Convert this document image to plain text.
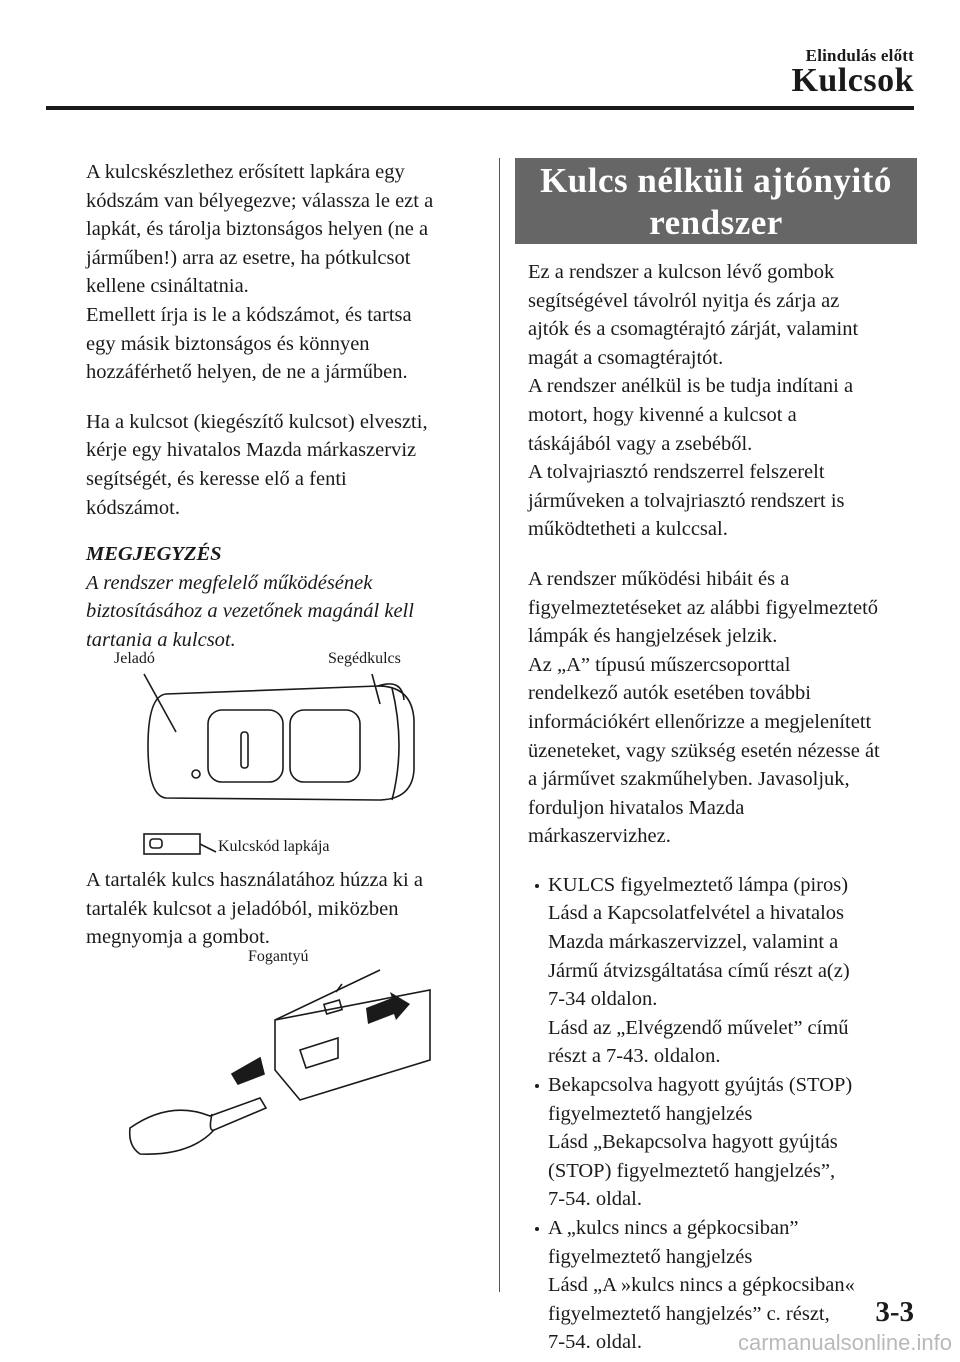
Elindulás előtt
Kulcsok

A kulcskészlethez erősített lapkára egy
kódszám van bélyegezve; válassza le ezt a
lapkát, és tárolja biztonságos helyen (ne a
járműben!) arra az esetre, ha pótkulcsot
kellene csináltatnia.

Emellett írja is le a kódszámot, és tartsa
egy másik biztonságos és könnyen
hozzáférhető helyen, de ne a járműben.

Ha a kulcsot (kiegészítő kulcsot) elveszti,
kérje egy hivatalos Mazda márkaszerviz
segítségét, és keresse elő a fenti
kódszámot.

MEGJEGYZÉS

A rendszer megfelelő működésének
biztosításához a vezetőnek magánál kell
tartania a kulcsot.

Jeladó	Segédkulcs
Kulcskód lapkája

A tartalék kulcs használatához húzza ki a
tartalék kulcsot a jeladóból, miközben
megnyomja a gombot.

Fogantyú
Kulcs nélküli ajtónyitó
rendszer

Ez a rendszer a kulcson lévő gombok
segítségével távolról nyitja és zárja az
ajtók és a csomagtérajtó zárját, valamint
magát a csomagtérajtót.

A rendszer anélkül is be tudja indítani a
motort, hogy kivenné a kulcsot a
táskájából vagy a zsebéből.

A tolvajriasztó rendszerrel felszerelt
járműveken a tolvajriasztó rendszert is
működtetheti a kulccsal.

A rendszer működési hibáit és a
figyelmeztetéseket az alábbi figyelmeztető
lámpák és hangjelzések jelzik.

Az „A” típusú műszercsoporttal
rendelkező autók esetében további
információkért ellenőrizze a megjelenített
üzeneteket, vagy szükség esetén nézesse át
a járművet szakműhelyben. Javasoljuk,
forduljon hivatalos Mazda
márkaszervizhez.

KULCS figyelmeztető lámpa (piros)
Lásd a Kapcsolatfelvétel a hivatalos
Mazda márkaszervizzel, valamint a
Jármű átvizsgáltatása című részt a(z)
7-34 oldalon.
Lásd az „Elvégzendő művelet” című
részt a 7-43. oldalon.
Bekapcsolva hagyott gyújtás (STOP)
figyelmeztető hangjelzés
Lásd „Bekapcsolva hagyott gyújtás
(STOP) figyelmeztető hangjelzés”,
7-54. oldal.
A „kulcs nincs a gépkocsiban”
figyelmeztető hangjelzés
Lásd „A »kulcs nincs a gépkocsiban«
figyelmeztető hangjelzés” c. részt,
7-54. oldal.
3-3
carmanualsonline.info
